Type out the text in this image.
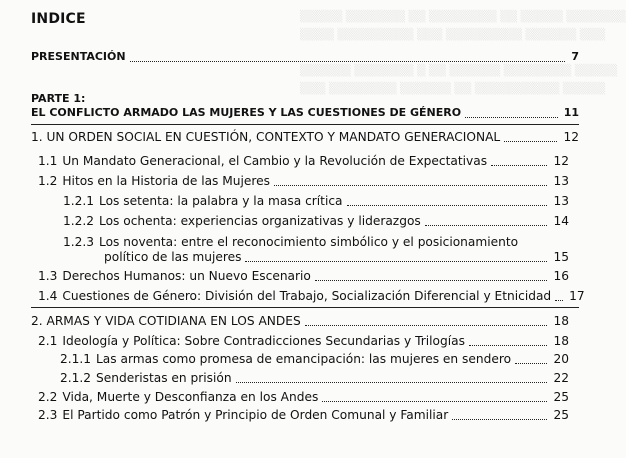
▒▒▒▒▒ ▒▒▒▒▒▒▒ ▒▒ ▒▒▒▒▒▒▒▒ ▒▒ ▒▒▒▒▒ ▒▒▒▒▒▒▒
▒▒▒▒ ▒▒▒▒▒▒▒▒▒ ▒▒▒ ▒▒▒▒▒▒▒▒▒ ▒▒▒▒▒▒ ▒▒▒

▒▒▒▒▒▒ ▒▒▒▒▒▒▒ ▒ ▒▒ ▒▒▒▒▒▒ ▒▒▒▒▒▒▒▒ ▒▒▒▒▒
▒▒▒ ▒▒▒▒▒▒▒▒ ▒▒▒▒▒▒ ▒▒ ▒▒▒▒▒▒▒▒▒▒ ▒▒▒▒▒
INDICE
PRESENTACIÓN	7
PARTE 1:
EL CONFLICTO ARMADO LAS MUJERES Y LAS CUESTIONES DE GÉNERO	11
1. UN ORDEN SOCIAL EN CUESTIÓN, CONTEXTO Y MANDATO GENERACIONAL	12
1.1 Un Mandato Generacional, el Cambio y la Revolución de Expectativas	12
1.2 Hitos en la Historia de las Mujeres	13
1.2.1 Los setenta: la palabra y la masa crítica	13
1.2.2 Los ochenta: experiencias organizativas y liderazgos	14
1.2.3 Los noventa: entre el reconocimiento simbólico y el posicionamiento
político de las mujeres	15
1.3 Derechos Humanos: un Nuevo Escenario	16
1.4 Cuestiones de Género: División del Trabajo, Socialización Diferencial y Etnicidad 17
2. ARMAS Y VIDA COTIDIANA EN LOS ANDES	18
2.1 Ideología y Política: Sobre Contradicciones Secundarias y Trilogías	18
2.1.1 Las armas como promesa de emancipación: las mujeres en sendero	20
2.1.2 Senderistas en prisión	22
2.2 Vida, Muerte y Desconfianza en los Andes	25
2.3 El Partido como Patrón y Principio de Orden Comunal y Familiar	25
